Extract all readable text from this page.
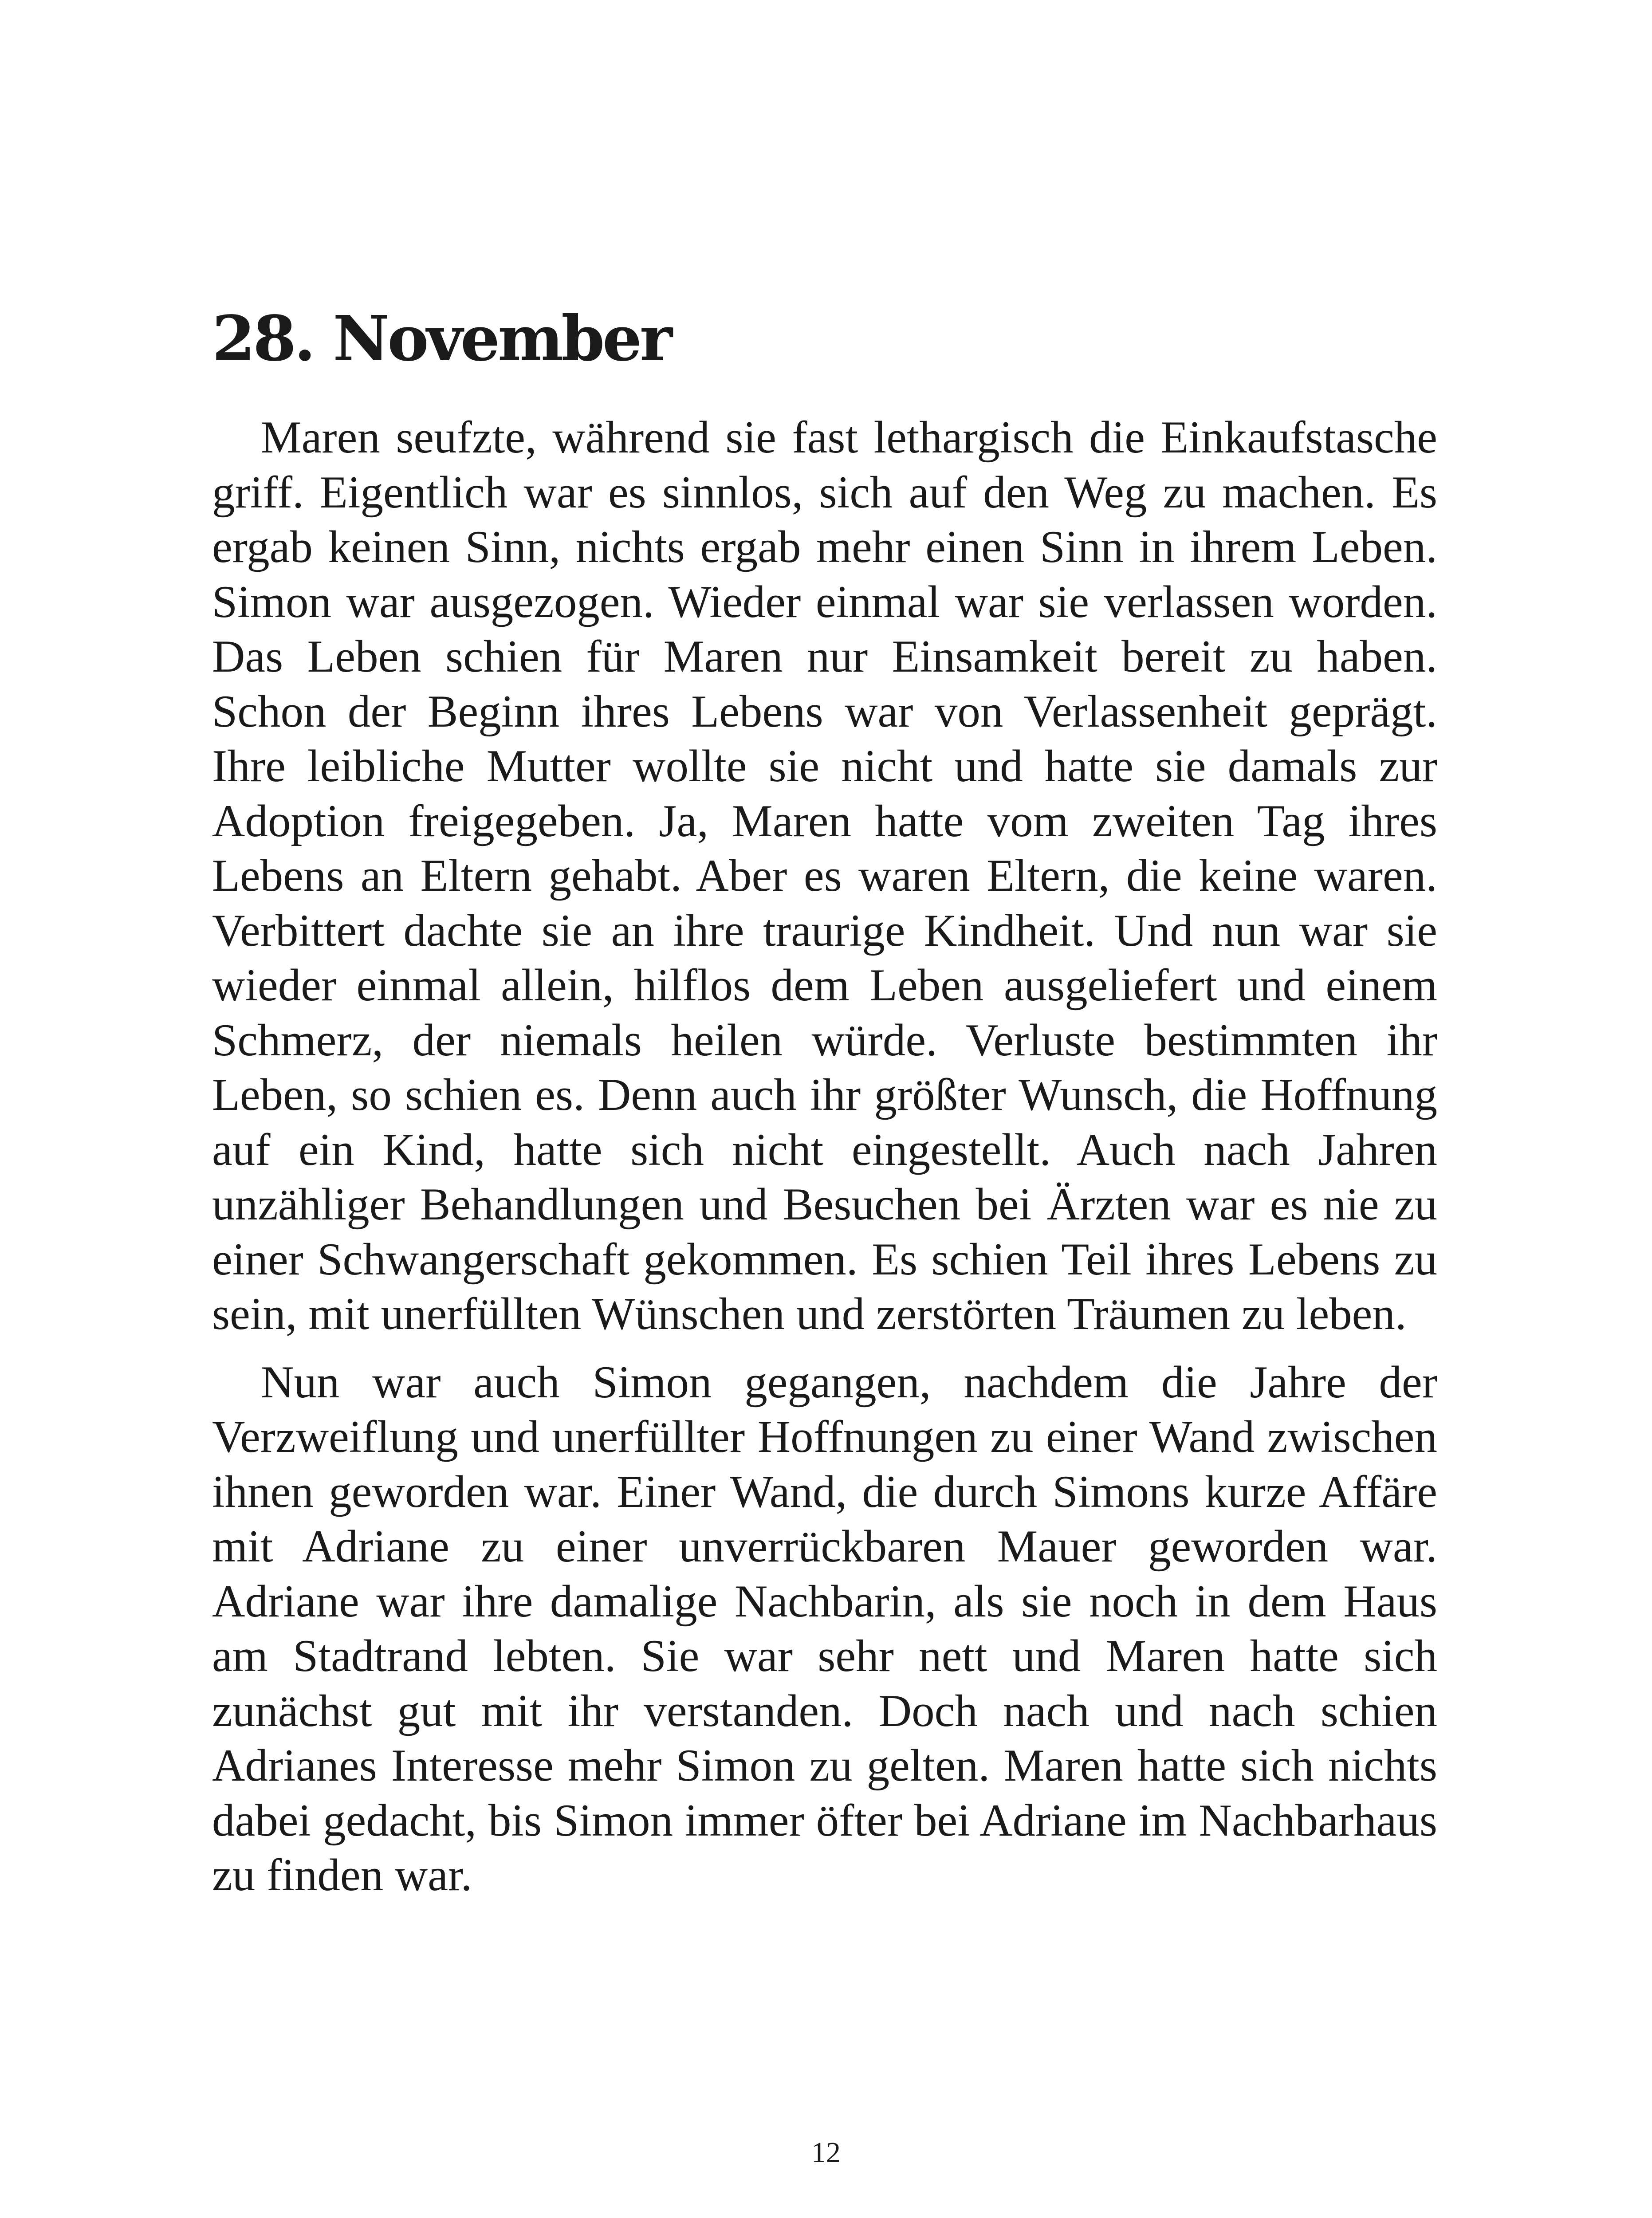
28. November

Maren seufzte, während sie fast lethargisch die Einkaufstasche griff. Eigentlich war es sinnlos, sich auf den Weg zu machen. Es ergab keinen Sinn, nichts ergab mehr einen Sinn in ihrem Leben. Simon war ausgezogen. Wieder einmal war sie verlassen worden. Das Leben schien für Maren nur Einsamkeit bereit zu haben. Schon der Beginn ihres Lebens war von Verlassenheit geprägt. Ihre leibliche Mutter wollte sie nicht und hatte sie damals zur Adoption freigegeben. Ja, Maren hatte vom zweiten Tag ihres Lebens an Eltern gehabt. Aber es waren Eltern, die keine waren. Verbittert dachte sie an ihre traurige Kindheit. Und nun war sie wieder einmal allein, hilflos dem Leben ausgeliefert und einem Schmerz, der niemals heilen würde. Verluste bestimmten ihr Leben, so schien es. Denn auch ihr größter Wunsch, die Hoffnung auf ein Kind, hatte sich nicht eingestellt. Auch nach Jahren unzähliger Behandlungen und Besuchen bei Ärzten war es nie zu einer Schwangerschaft gekommen. Es schien Teil ihres Lebens zu sein, mit unerfüllten Wünschen und zerstörten Träumen zu leben.

Nun war auch Simon gegangen, nachdem die Jahre der Verzweiflung und unerfüllter Hoffnungen zu einer Wand zwischen ihnen geworden war. Einer Wand, die durch Simons kurze Affäre mit Adriane zu einer unverrückbaren Mauer geworden war. Adriane war ihre damalige Nachbarin, als sie noch in dem Haus am Stadtrand lebten. Sie war sehr nett und Maren hatte sich zunächst gut mit ihr verstanden. Doch nach und nach schien Adrianes Interesse mehr Simon zu gelten. Maren hatte sich nichts dabei gedacht, bis Simon immer öfter bei Adriane im Nachbarhaus zu finden war.

12
